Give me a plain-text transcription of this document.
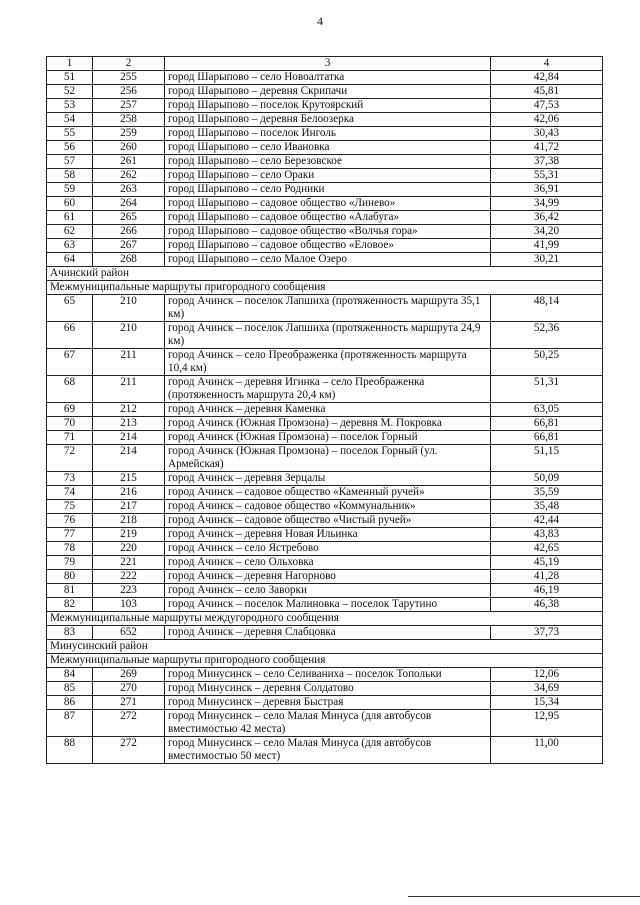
4
1	2	3	4
51	255	город Шарыпово – село Новоалтатка	42,84
52	256	город Шарыпово – деревня Скрипачи	45,81
53	257	город Шарыпово – поселок Крутоярский	47,53
54	258	город Шарыпово – деревня Белоозерка	42,06
55	259	город Шарыпово – поселок Инголь	30,43
56	260	город Шарыпово – село Ивановка	41,72
57	261	город Шарыпово – село Березовское	37,38
58	262	город Шарыпово – село Ораки	55,31
59	263	город Шарыпово – село Родники	36,91
60	264	город Шарыпово – садовое общество «Линево»	34,99
61	265	город Шарыпово – садовое общество «Алабуга»	36,42
62	266	город Шарыпово – садовое общество «Волчья гора»	34,20
63	267	город Шарыпово – садовое общество «Еловое»	41,99
64	268	город Шарыпово – село Малое Озеро	30,21
Ачинский район			
Межмуниципальные маршруты пригородного сообщения			
65	210	город Ачинск – поселок Лапшиха (протяженность маршрута 35,1 км)	48,14
66	210	город Ачинск – поселок Лапшиха (протяженность маршрута 24,9 км)	52,36
67	211	город Ачинск – село Преображенка (протяженность маршрута 10,4 км)	50,25
68	211	город Ачинск – деревня Игинка – село Преображенка (протяженность маршрута 20,4 км)	51,31
69	212	город Ачинск – деревня Каменка	63,05
70	213	город Ачинск (Южная Промзона) – деревня М. Покровка	66,81
71	214	город Ачинск (Южная Промзона) – поселок Горный	66,81
72	214	город Ачинск (Южная Промзона) – поселок Горный (ул. Армейская)	51,15
73	215	город Ачинск – деревня Зерцалы	50,09
74	216	город Ачинск – садовое общество «Каменный ручей»	35,59
75	217	город Ачинск – садовое общество «Коммунальник»	35,48
76	218	город Ачинск – садовое общество «Чистый ручей»	42,44
77	219	город Ачинск – деревня Новая Ильинка	43,83
78	220	город Ачинск – село Ястребово	42,65
79	221	город Ачинск – село Ольховка	45,19
80	222	город Ачинск – деревня Нагорново	41,28
81	223	город Ачинск – село Заворки	46,19
82	103	город Ачинск – поселок Малиновка – поселок Тарутино	46,38
Межмуниципальные маршруты междугородного сообщения			
83	652	город Ачинск – деревня Слабцовка	37,73
Минусинский район			
Межмуниципальные маршруты пригородного сообщения			
84	269	город Минусинск – село Селиваниха – поселок Топольки	12,06
85	270	город Минусинск – деревня Солдатово	34,69
86	271	город Минусинск – деревня Быстрая	15,34
87	272	город Минусинск – село Малая Минуса (для автобусов вместимостью 42 места)	12,95
88	272	город Минусинск – село Малая Минуса (для автобусов вместимостью 50 мест)	11,00
